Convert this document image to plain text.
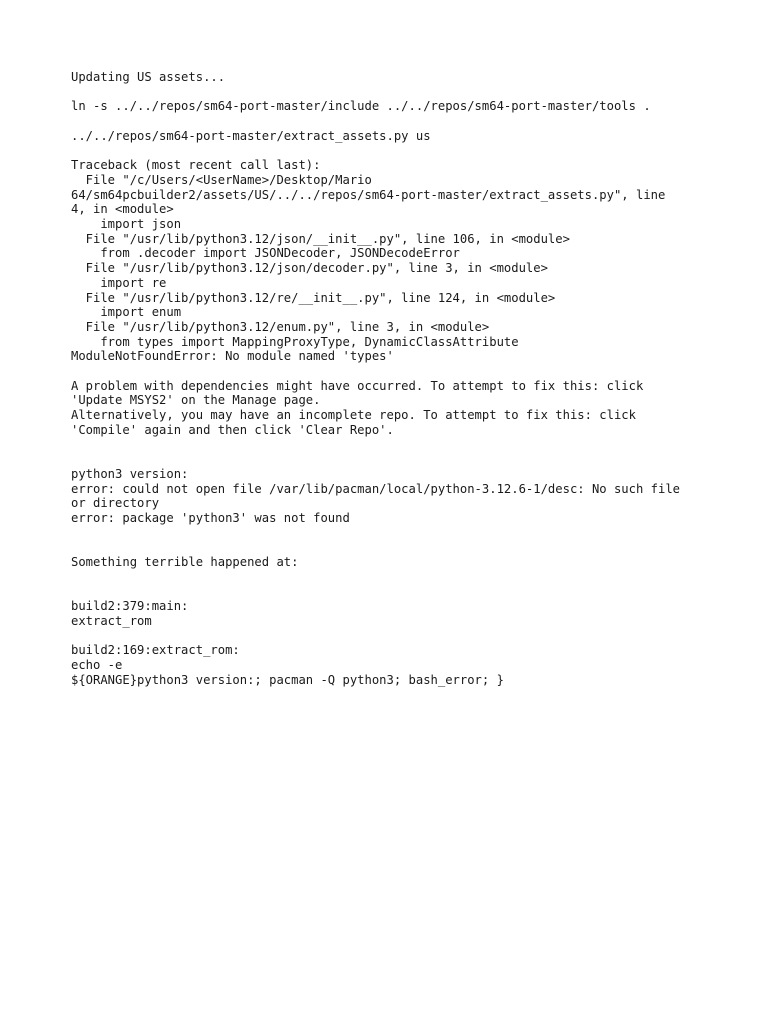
Updating US assets...
ln -s ../../repos/sm64-port-master/include ../../repos/sm64-port-master/tools .
../../repos/sm64-port-master/extract_assets.py us
Traceback (most recent call last):
File "/c/Users/<UserName>/Desktop/Mario
64/sm64pcbuilder2/assets/US/../../repos/sm64-port-master/extract_assets.py", line
4, in <module>
import json
File "/usr/lib/python3.12/json/__init__.py", line 106, in <module>
from .decoder import JSONDecoder, JSONDecodeError
File "/usr/lib/python3.12/json/decoder.py", line 3, in <module>
import re
File "/usr/lib/python3.12/re/__init__.py", line 124, in <module>
import enum
File "/usr/lib/python3.12/enum.py", line 3, in <module>
from types import MappingProxyType, DynamicClassAttribute
ModuleNotFoundError: No module named 'types'
A problem with dependencies might have occurred. To attempt to fix this: click
'Update MSYS2' on the Manage page.
Alternatively, you may have an incomplete repo. To attempt to fix this: click
'Compile' again and then click 'Clear Repo'.
python3 version:
error: could not open file /var/lib/pacman/local/python-3.12.6-1/desc: No such file
or directory
error: package 'python3' was not found
Something terrible happened at:
build2:379:main:
extract_rom
build2:169:extract_rom:
echo -e
${ORANGE}python3 version:; pacman -Q python3; bash_error; }
